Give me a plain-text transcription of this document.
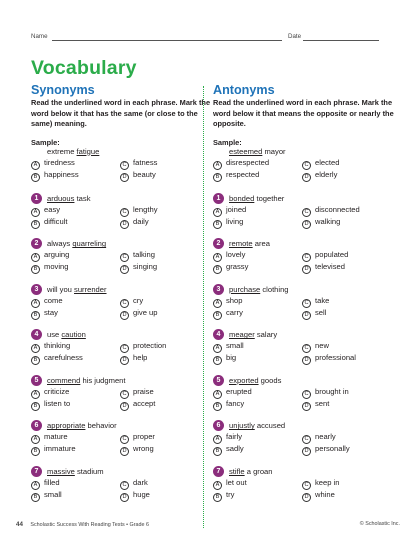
Name	Date
Vocabulary
Synonyms
Read the underlined word in each phrase. Mark the word below it that has the same (or close to the same) meaning.
Sample:
extreme fatigue
A tiredness	C fatness
B happiness	D beauty
1	arduous task
A easy	C lengthy
B difficult	D daily
2	always quarreling
A arguing	C talking
B moving	D singing
3	will you surrender
A come	C cry
B stay	D give up
4	use caution
A thinking	C protection
B carefulness	D help
5	commend his judgment
A criticize	C praise
B listen to	D accept
6	appropriate behavior
A mature	C proper
B immature	D wrong
7	massive stadium
A filled	C dark
B small	D huge
Antonyms
Read the underlined word in each phrase. Mark the word below it that means the opposite or nearly the opposite.
Sample:
esteemed mayor
A disrespected	C elected
B respected	D elderly
1	bonded together
A joined	C disconnected
B living	D walking
2	remote area
A lovely	C populated
B grassy	D televised
3	purchase clothing
A shop	C take
B carry	D sell
4	meager salary
A small	C new
B big	D professional
5	exported goods
A erupted	C brought in
B fancy	D sent
6	unjustly accused
A fairly	C nearly
B sadly	D personally
7	stifle a groan
A let out	C keep in
B try	D whine
44 Scholastic Success With Reading Tests • Grade 6	© Scholastic Inc.
